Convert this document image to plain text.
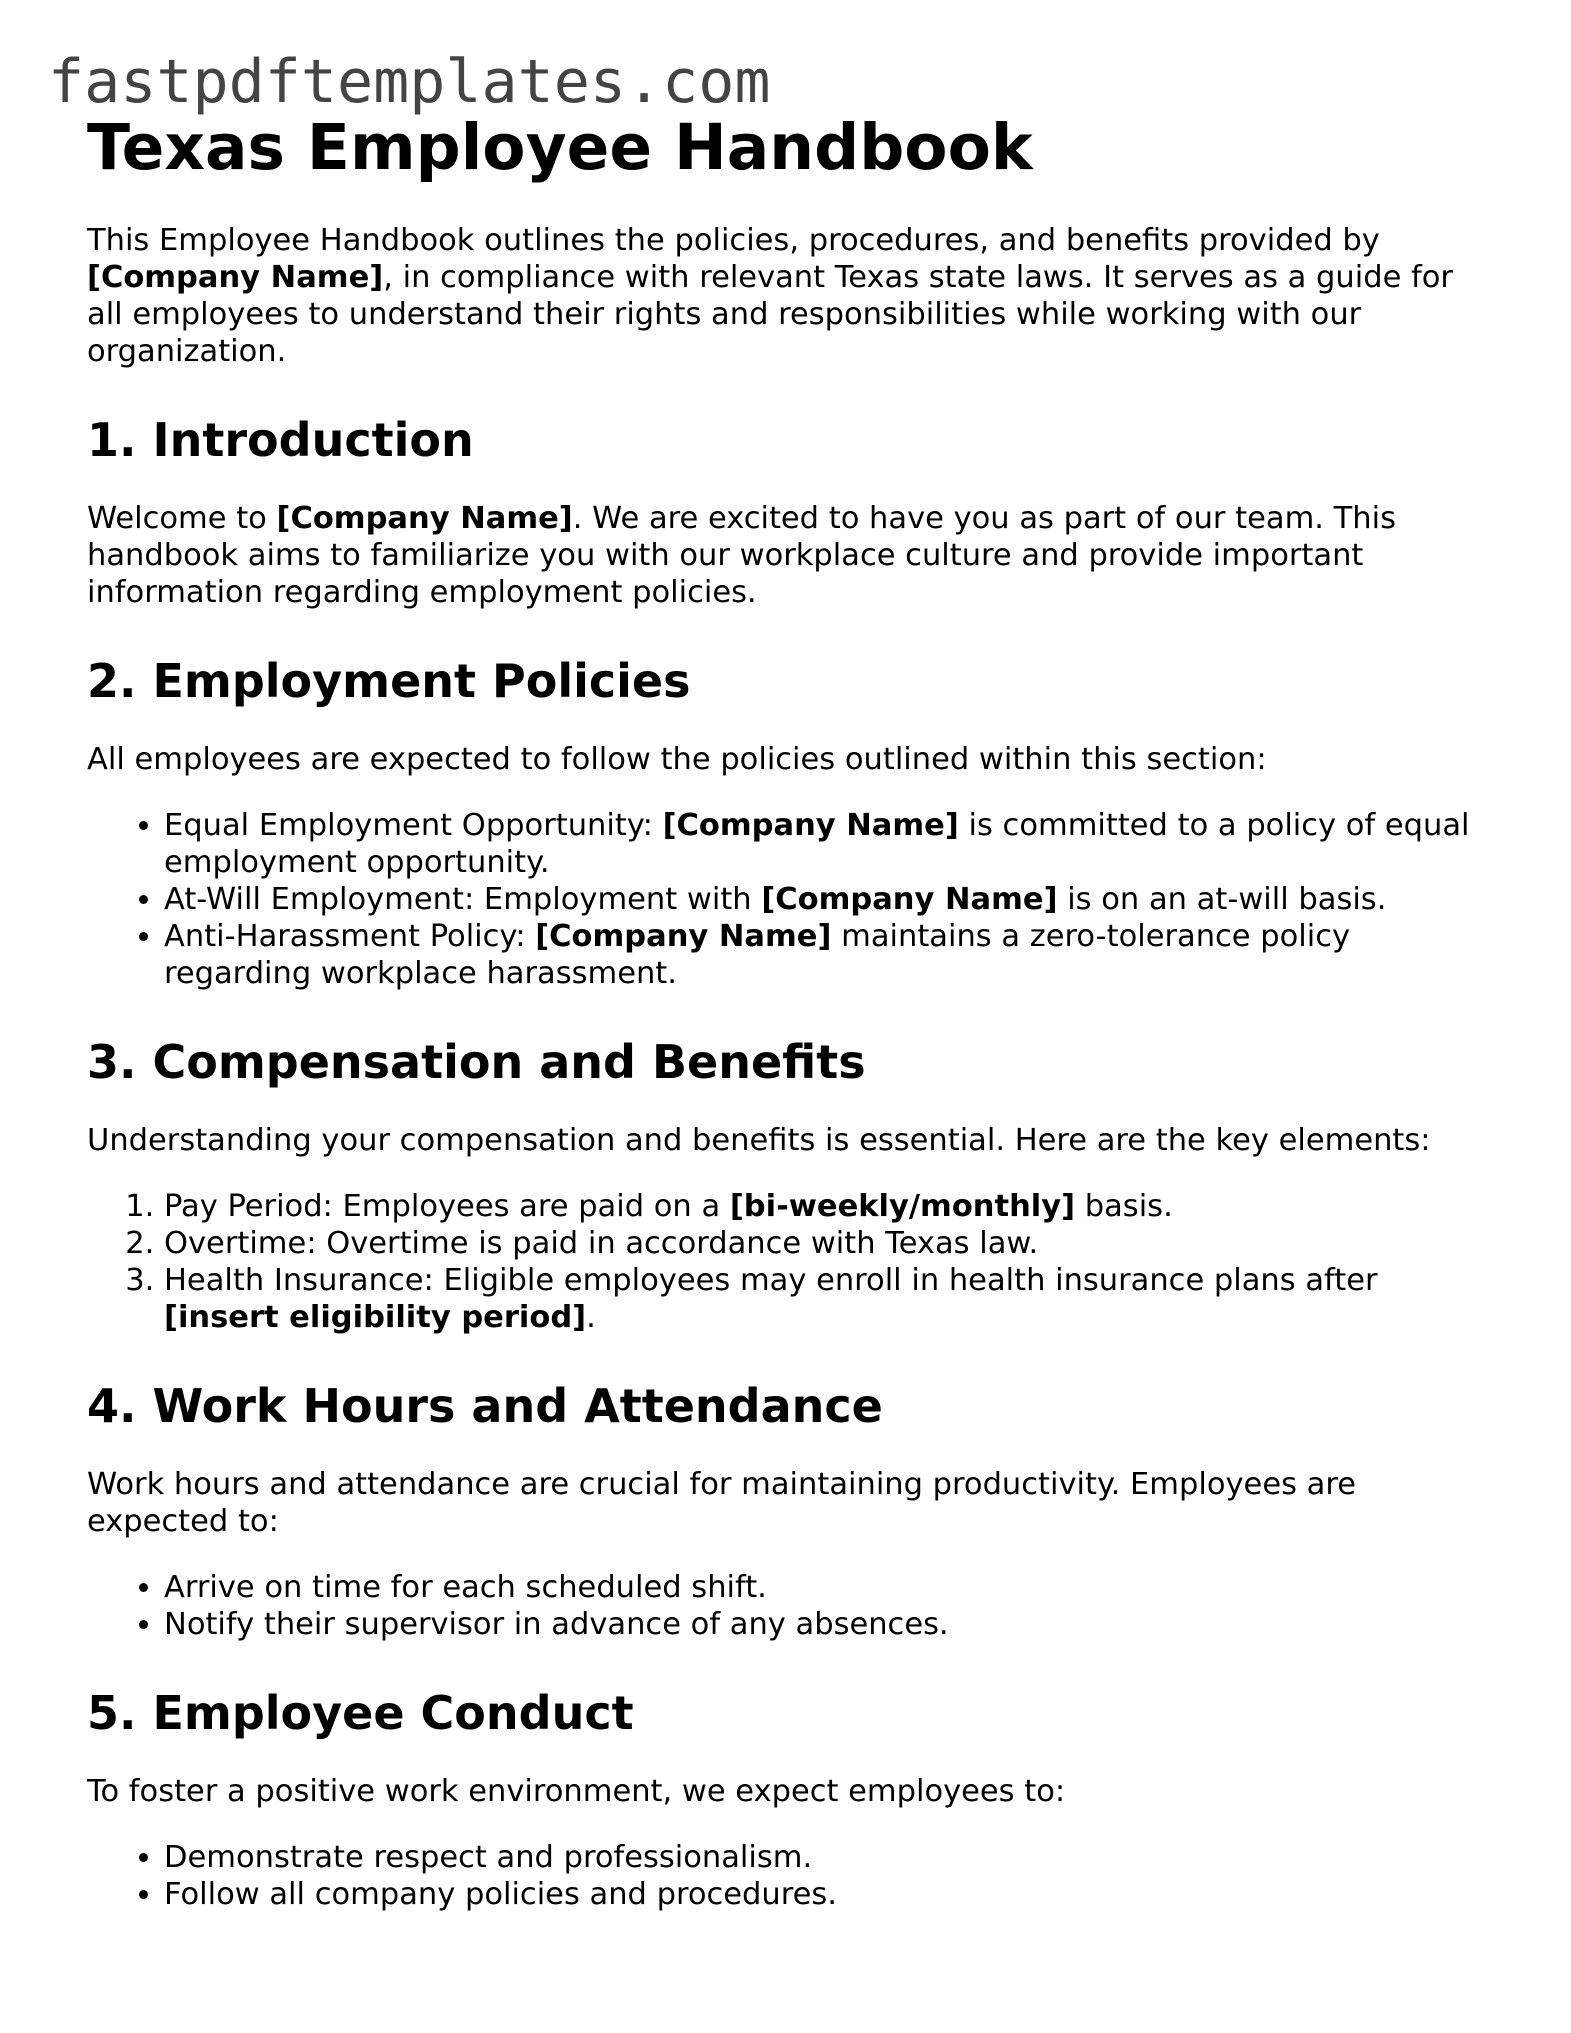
fastpdftemplates.com
Texas Employee Handbook

This Employee Handbook outlines the policies, procedures, and benefits provided by [Company Name], in compliance with relevant Texas state laws. It serves as a guide for all employees to understand their rights and responsibilities while working with our organization.

1. Introduction

Welcome to [Company Name]. We are excited to have you as part of our team. This handbook aims to familiarize you with our workplace culture and provide important information regarding employment policies.

2. Employment Policies

All employees are expected to follow the policies outlined within this section:

• Equal Employment Opportunity: [Company Name] is committed to a policy of equal employment opportunity.
• At-Will Employment: Employment with [Company Name] is on an at-will basis.
• Anti-Harassment Policy: [Company Name] maintains a zero-tolerance policy regarding workplace harassment.
3. Compensation and Benefits

Understanding your compensation and benefits is essential. Here are the key elements:

1. Pay Period: Employees are paid on a [bi-weekly/monthly] basis.
2. Overtime: Overtime is paid in accordance with Texas law.
3. Health Insurance: Eligible employees may enroll in health insurance plans after [insert eligibility period].
4. Work Hours and Attendance

Work hours and attendance are crucial for maintaining productivity. Employees are expected to:

• Arrive on time for each scheduled shift.
• Notify their supervisor in advance of any absences.
5. Employee Conduct

To foster a positive work environment, we expect employees to:

• Demonstrate respect and professionalism.
• Follow all company policies and procedures.
